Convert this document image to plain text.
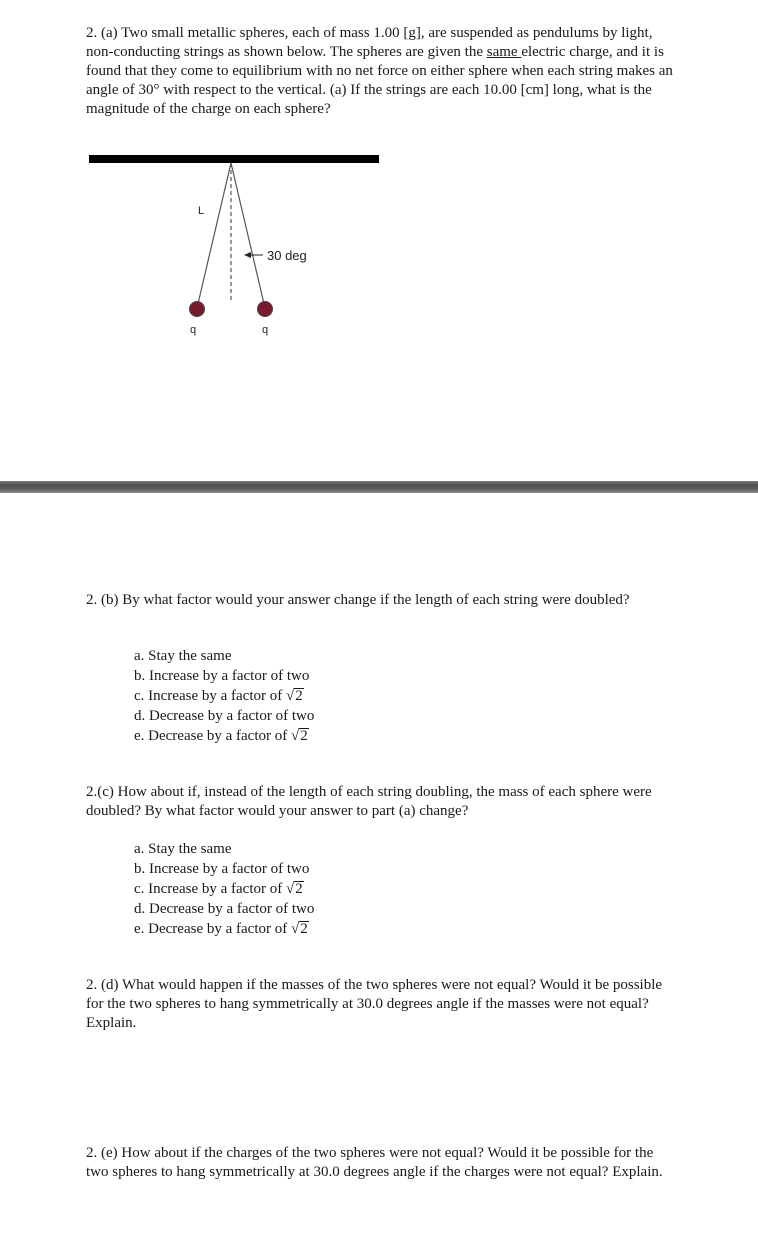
2. (a) Two small metallic spheres, each of mass 1.00 [g], are suspended as pendulums by light, non-conducting strings as shown below. The spheres are given the same electric charge, and it is found that they come to equilibrium with no net force on either sphere when each string makes an angle of 30° with respect to the vertical. (a) If the strings are each 10.00 [cm] long, what is the magnitude of the charge on each sphere?

L
30 deg
q	q

2. (b) By what factor would your answer change if the length of each string were doubled?

a. Stay the same
b. Increase by a factor of two
c. Increase by a factor of √2
d. Decrease by a factor of two
e. Decrease by a factor of √2

2.(c) How about if, instead of the length of each string doubling, the mass of each sphere were doubled? By what factor would your answer to part (a) change?

a. Stay the same
b. Increase by a factor of two
c. Increase by a factor of √2
d. Decrease by a factor of two
e. Decrease by a factor of √2

2. (d) What would happen if the masses of the two spheres were not equal? Would it be possible for the two spheres to hang symmetrically at 30.0 degrees angle if the masses were not equal? Explain.

2. (e) How about if the charges of the two spheres were not equal? Would it be possible for the two spheres to hang symmetrically at 30.0 degrees angle if the charges were not equal? Explain.
